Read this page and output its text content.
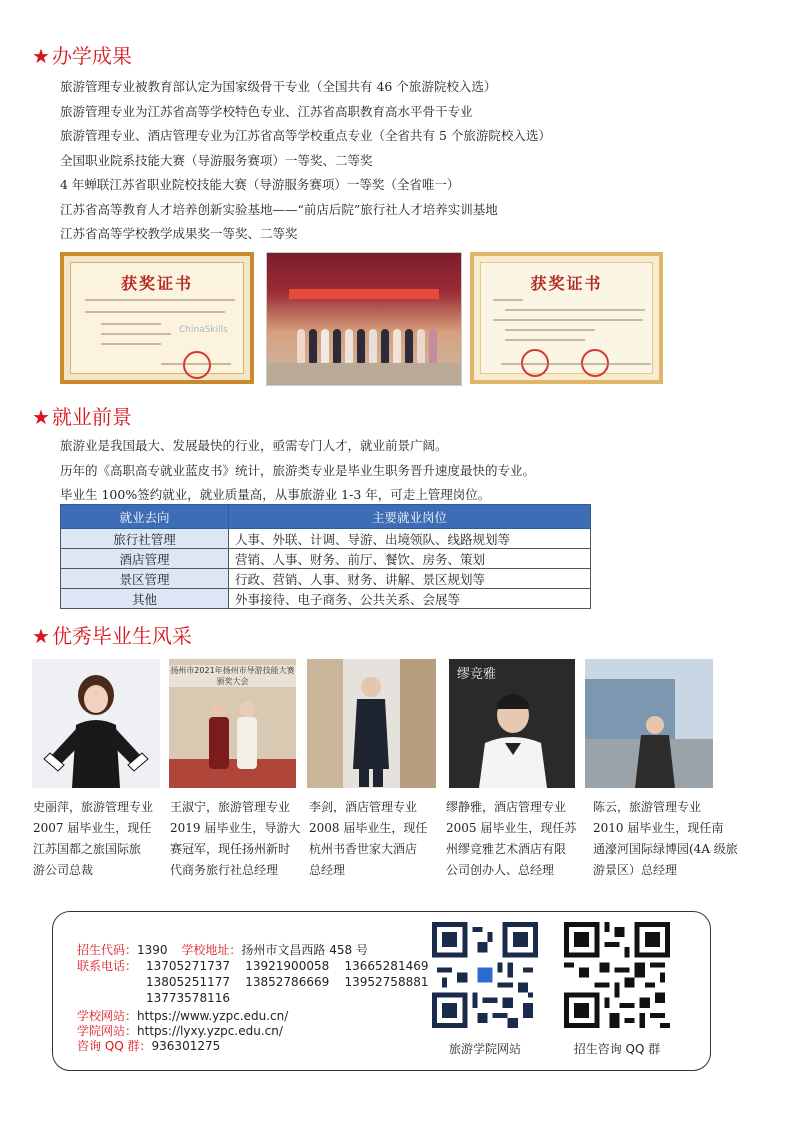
★ 办学成果
旅游管理专业被教育部认定为国家级骨干专业（全国共有 46 个旅游院校入选）
旅游管理专业为江苏省高等学校特色专业、江苏省高职教育高水平骨干专业
旅游管理专业、酒店管理专业为江苏省高等学校重点专业（全省共有 5 个旅游院校入选）
全国职业院系技能大赛（导游服务赛项）一等奖、二等奖
4 年蝉联江苏省职业院校技能大赛（导游服务赛项）一等奖（全省唯一）
江苏省高等教育人才培养创新实验基地——“前店后院”旅行社人才培养实训基地
江苏省高等学校教学成果奖一等奖、二等奖
获奖证书
ChinaSkills
获奖证书
★ 就业前景
旅游业是我国最大、发展最快的行业，亟需专门人才，就业前景广阔。
历年的《高职高专就业蓝皮书》统计，旅游类专业是毕业生职务晋升速度最快的专业。
毕业生 100%签约就业，就业质量高，从事旅游业 1-3 年，可走上管理岗位。
就业去向	主要就业岗位
旅行社管理	人事、外联、计调、导游、出境领队、线路规划等
酒店管理	营销、人事、财务、前厅、餐饮、房务、策划
景区管理	行政、营销、人事、财务、讲解、景区规划等
其他	外事接待、电子商务、公共关系、会展等
★ 优秀毕业生风采
扬州市2021年扬州市导游技能大赛
颁奖大会	缪竞雅
史丽萍，旅游管理专业
2007 届毕业生，现任
江苏国都之旅国际旅
游公司总裁
王淑宁，旅游管理专业
2019 届毕业生，导游大
赛冠军，现任扬州新时
代商务旅行社总经理
李剑，酒店管理专业
2008 届毕业生，现任
杭州书香世家大酒店
总经理
缪静雅，酒店管理专业
2005 届毕业生，现任苏
州缪竞雅艺术酒店有限
公司创办人、总经理
陈云，旅游管理专业
2010 届毕业生，现任南
通濠河国际绿博园(4A 级旅
游景区）总经理
招生代码：1390 学校地址：扬州市文昌西路 458 号
联系电话： 13705271737 13921900058 13665281469
13805251177 13852786669 13952758881
13773578116
学校网站：https://www.yzpc.edu.cn/
学院网站：https://lyxy.yzpc.edu.cn/
咨询 QQ 群：936301275	旅游学院网站	招生咨询 QQ 群
